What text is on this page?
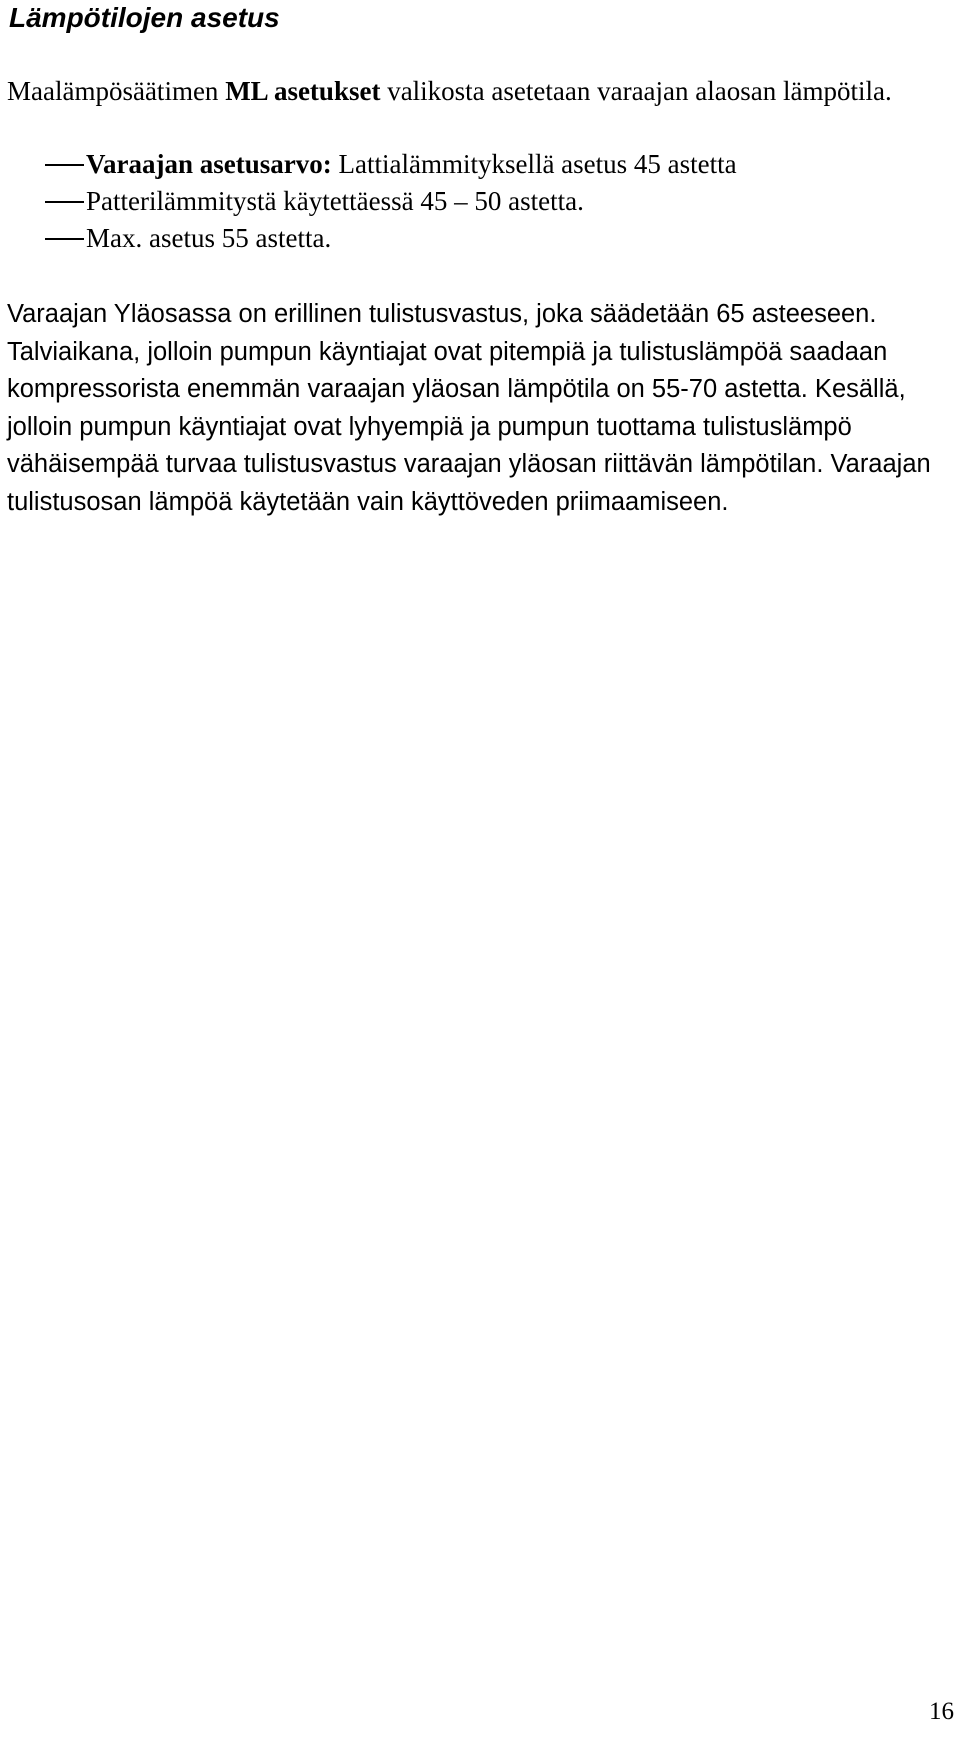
Lämpötilojen asetus

Maalämpösäätimen ML asetukset valikosta asetetaan varaajan alaosan lämpötila.

Varaajan asetusarvo: Lattialämmityksellä asetus 45 astetta
Patterilämmitystä käytettäessä 45 – 50 astetta.
Max. asetus 55 astetta.

Varaajan Yläosassa on erillinen tulistusvastus, joka säädetään 65 asteeseen. Talviaikana, jolloin pumpun käyntiajat ovat pitempiä ja tulistuslämpöä saadaan kompressorista enemmän varaajan yläosan lämpötila on 55-70 astetta. Kesällä, jolloin pumpun käyntiajat ovat lyhyempiä ja pumpun tuottama tulistuslämpö vähäisempää turvaa tulistusvastus varaajan yläosan riittävän lämpötilan. Varaajan tulistusosan lämpöä käytetään vain käyttöveden priimaamiseen.

16
